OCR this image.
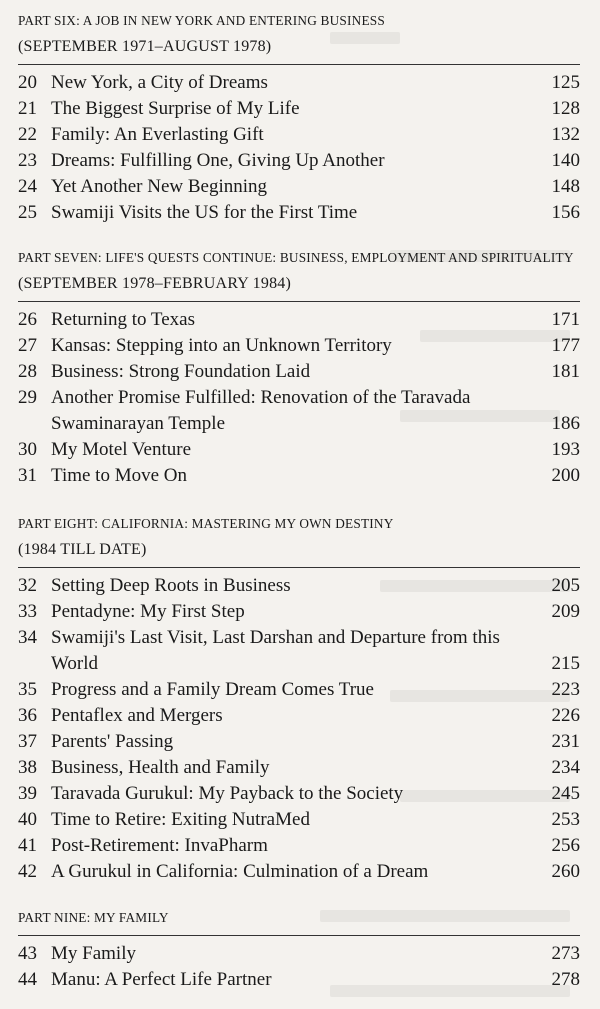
PART SIX: A JOB IN NEW YORK AND ENTERING BUSINESS
(SEPTEMBER 1971–AUGUST 1978)

20 New York, a City of Dreams	125
21 The Biggest Surprise of My Life	128
22 Family: An Everlasting Gift	132
23 Dreams: Fulfilling One, Giving Up Another	140
24 Yet Another New Beginning	148
25 Swamiji Visits the US for the First Time	156

PART SEVEN: LIFE'S QUESTS CONTINUE: BUSINESS, EMPLOYMENT AND SPIRITUALITY (SEPTEMBER 1978–FEBRUARY 1984)

26 Returning to Texas	171
27 Kansas: Stepping into an Unknown Territory	177
28 Business: Strong Foundation Laid	181
29 Another Promise Fulfilled: Renovation of the Taravada Swaminarayan Temple	186
30 My Motel Venture	193
31 Time to Move On	200

PART EIGHT: CALIFORNIA: MASTERING MY OWN DESTINY
(1984 TILL DATE)

32 Setting Deep Roots in Business	205
33 Pentadyne: My First Step	209
34 Swamiji's Last Visit, Last Darshan and Departure from this World	215
35 Progress and a Family Dream Comes True	223
36 Pentaflex and Mergers	226
37 Parents' Passing	231
38 Business, Health and Family	234
39 Taravada Gurukul: My Payback to the Society	245
40 Time to Retire: Exiting NutraMed	253
41 Post-Retirement: InvaPharm	256
42 A Gurukul in California: Culmination of a Dream	260

PART NINE: MY FAMILY

43 My Family	273
44 Manu: A Perfect Life Partner	278
